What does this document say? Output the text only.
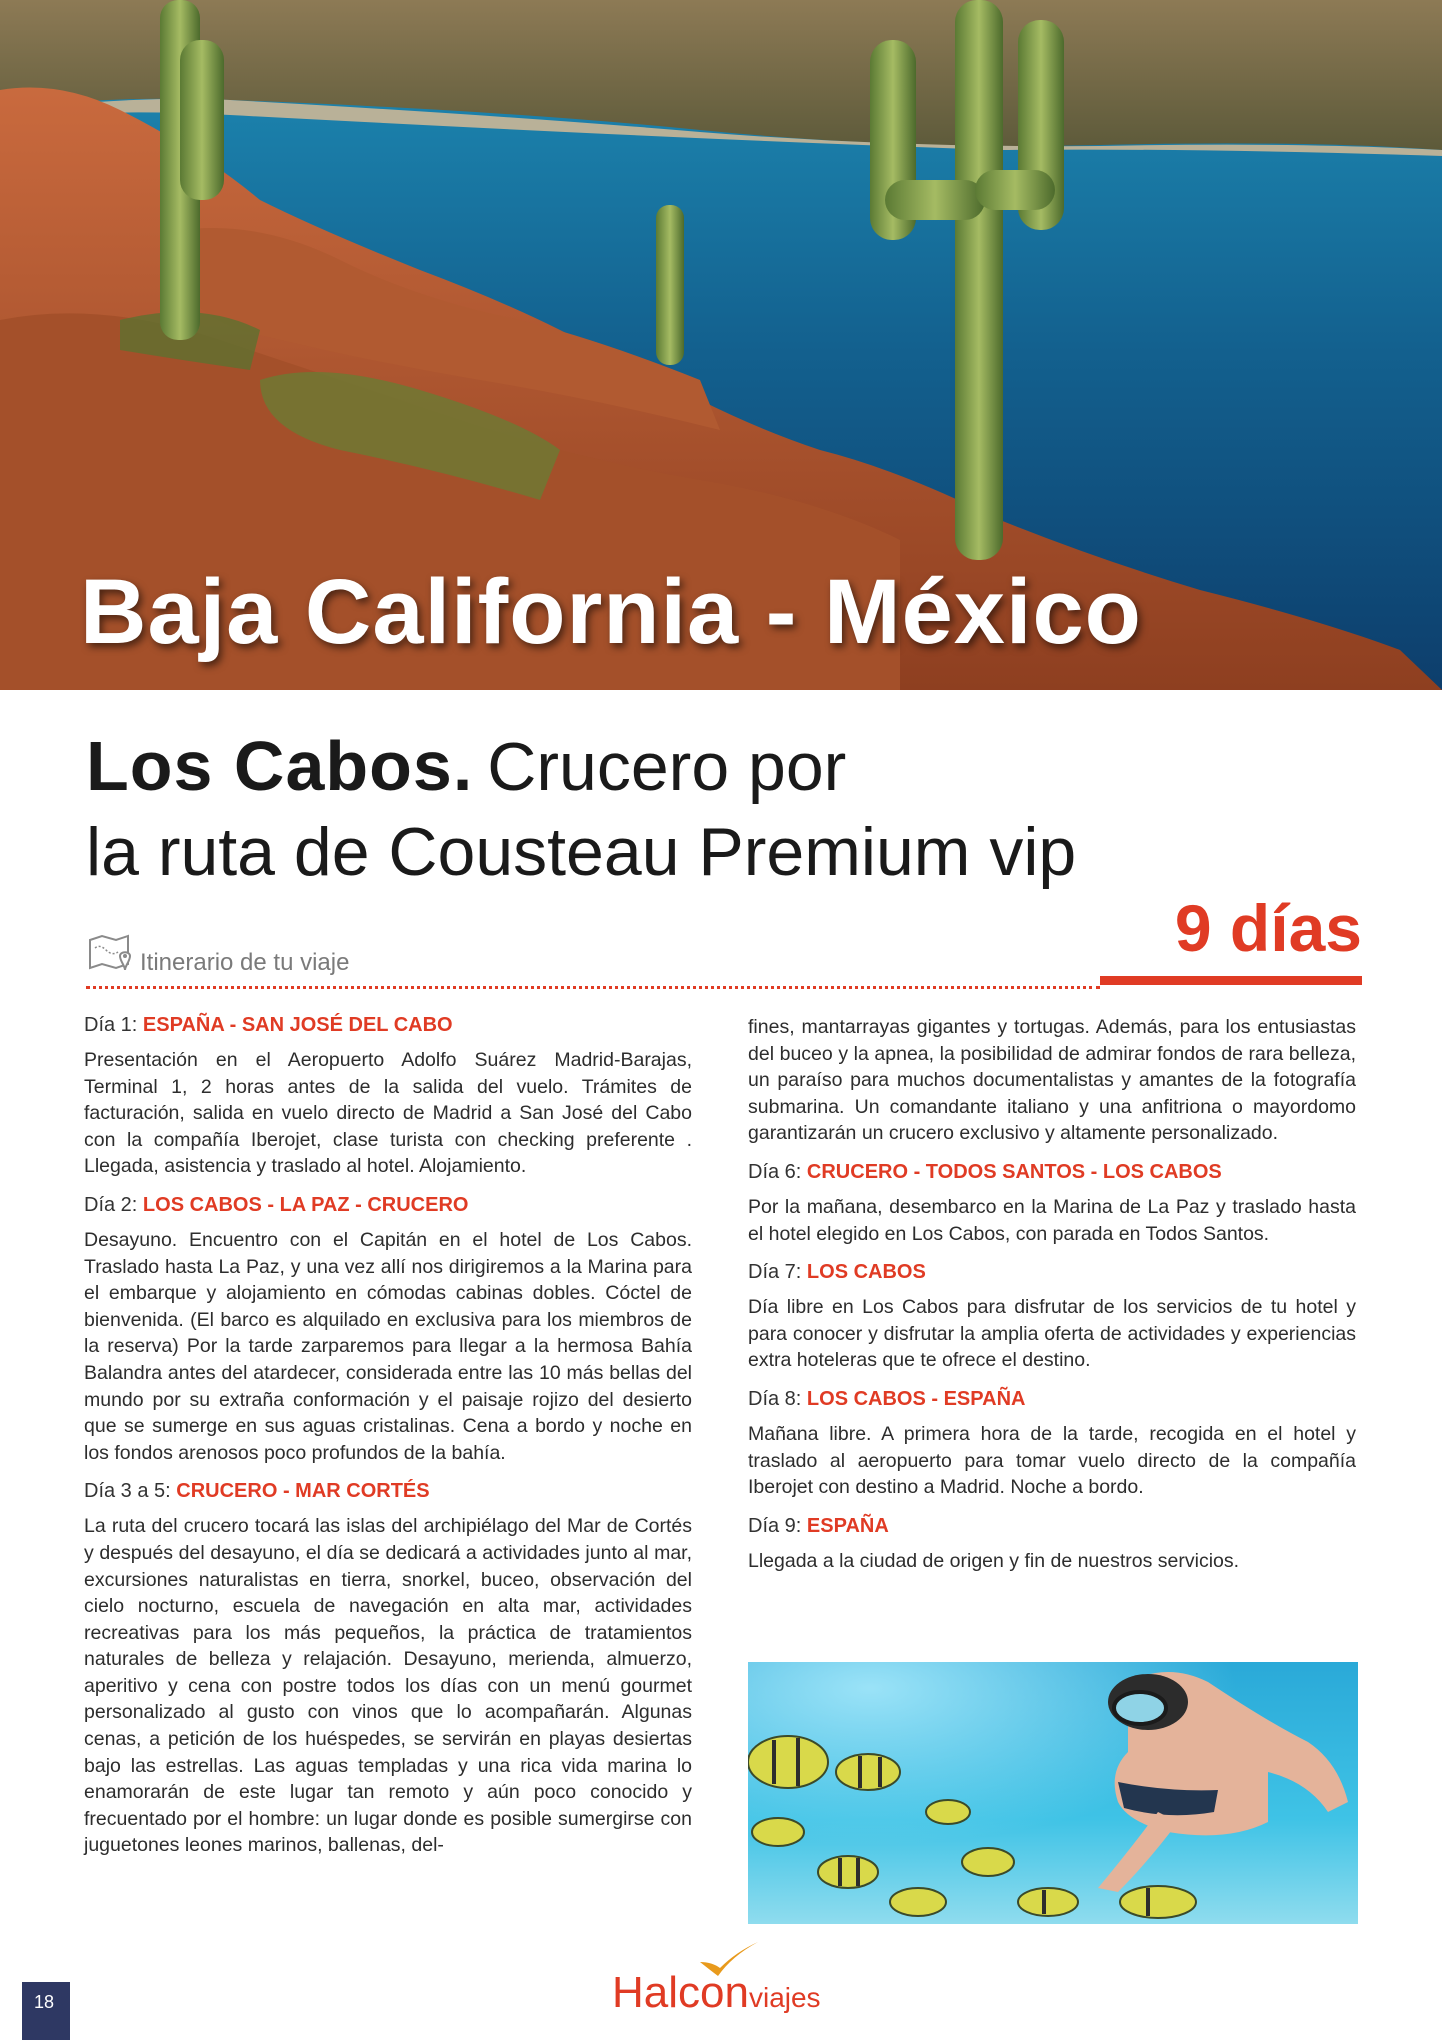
Baja California - México
Los Cabos. Crucero por
la ruta de Cousteau Premium vip
Itinerario de tu viaje	9 días
Día 1: ESPAÑA - SAN JOSÉ DEL CABO
Presentación en el Aeropuerto Adolfo Suárez Madrid-Barajas, Terminal 1, 2 horas antes de la salida del vuelo. Trámites de facturación, salida en vuelo directo de Madrid a San José del Cabo con la compañía Iberojet, clase turista con checking preferente . Llegada, asistencia y traslado al hotel. Alojamiento.
Día 2: LOS CABOS - LA PAZ - CRUCERO
Desayuno. Encuentro con el Capitán en el hotel de Los Cabos. Traslado hasta La Paz, y una vez allí nos dirigiremos a la Marina para el embarque y alojamiento en cómodas cabinas dobles. Cóctel de bienvenida. (El barco es alquilado en exclusiva para los miembros de la reserva) Por la tarde zarparemos para llegar a la hermosa Bahía Balandra antes del atardecer, considerada entre las 10 más bellas del mundo por su extraña conformación y el paisaje rojizo del desierto que se sumerge en sus aguas cristalinas. Cena a bordo y noche en los fondos arenosos poco profundos de la bahía.
Día 3 a 5: CRUCERO - MAR CORTÉS
La ruta del crucero tocará las islas del archipiélago del Mar de Cortés y después del desayuno, el día se dedicará a actividades junto al mar, excursiones naturalistas en tierra, snorkel, buceo, observación del cielo nocturno, escuela de navegación en alta mar, actividades recreativas para los más pequeños, la práctica de tratamientos naturales de belleza y relajación. Desayuno, merienda, almuerzo, aperitivo y cena con postre todos los días con un menú gourmet personalizado al gusto con vinos que lo acompañarán. Algunas cenas, a petición de los huéspedes, se servirán en playas desiertas bajo las estrellas. Las aguas templadas y una rica vida marina lo enamorarán de este lugar tan remoto y aún poco conocido y frecuentado por el hombre: un lugar donde es posible sumergirse con juguetones leones marinos, ballenas, del-
fines, mantarrayas gigantes y tortugas. Además, para los entusiastas del buceo y la apnea, la posibilidad de admirar fondos de rara belleza, un paraíso para muchos documentalistas y amantes de la fotografía submarina. Un comandante italiano y una anfitriona o mayordomo garantizarán un crucero exclusivo y altamente personalizado.
Día 6: CRUCERO - TODOS SANTOS - LOS CABOS
Por la mañana, desembarco en la Marina de La Paz y traslado hasta el hotel elegido en Los Cabos, con parada en Todos Santos.
Día 7: LOS CABOS
Día libre en Los Cabos para disfrutar de los servicios de tu hotel y para conocer y disfrutar la amplia oferta de actividades y experiencias extra hoteleras que te ofrece el destino.
Día 8: LOS CABOS - ESPAÑA
Mañana libre. A primera hora de la tarde, recogida en el hotel y traslado al aeropuerto para tomar vuelo directo de la compañía Iberojet con destino a Madrid. Noche a bordo.
Día 9: ESPAÑA
Llegada a la ciudad de origen y fin de nuestros servicios.
18	Halconviajes
